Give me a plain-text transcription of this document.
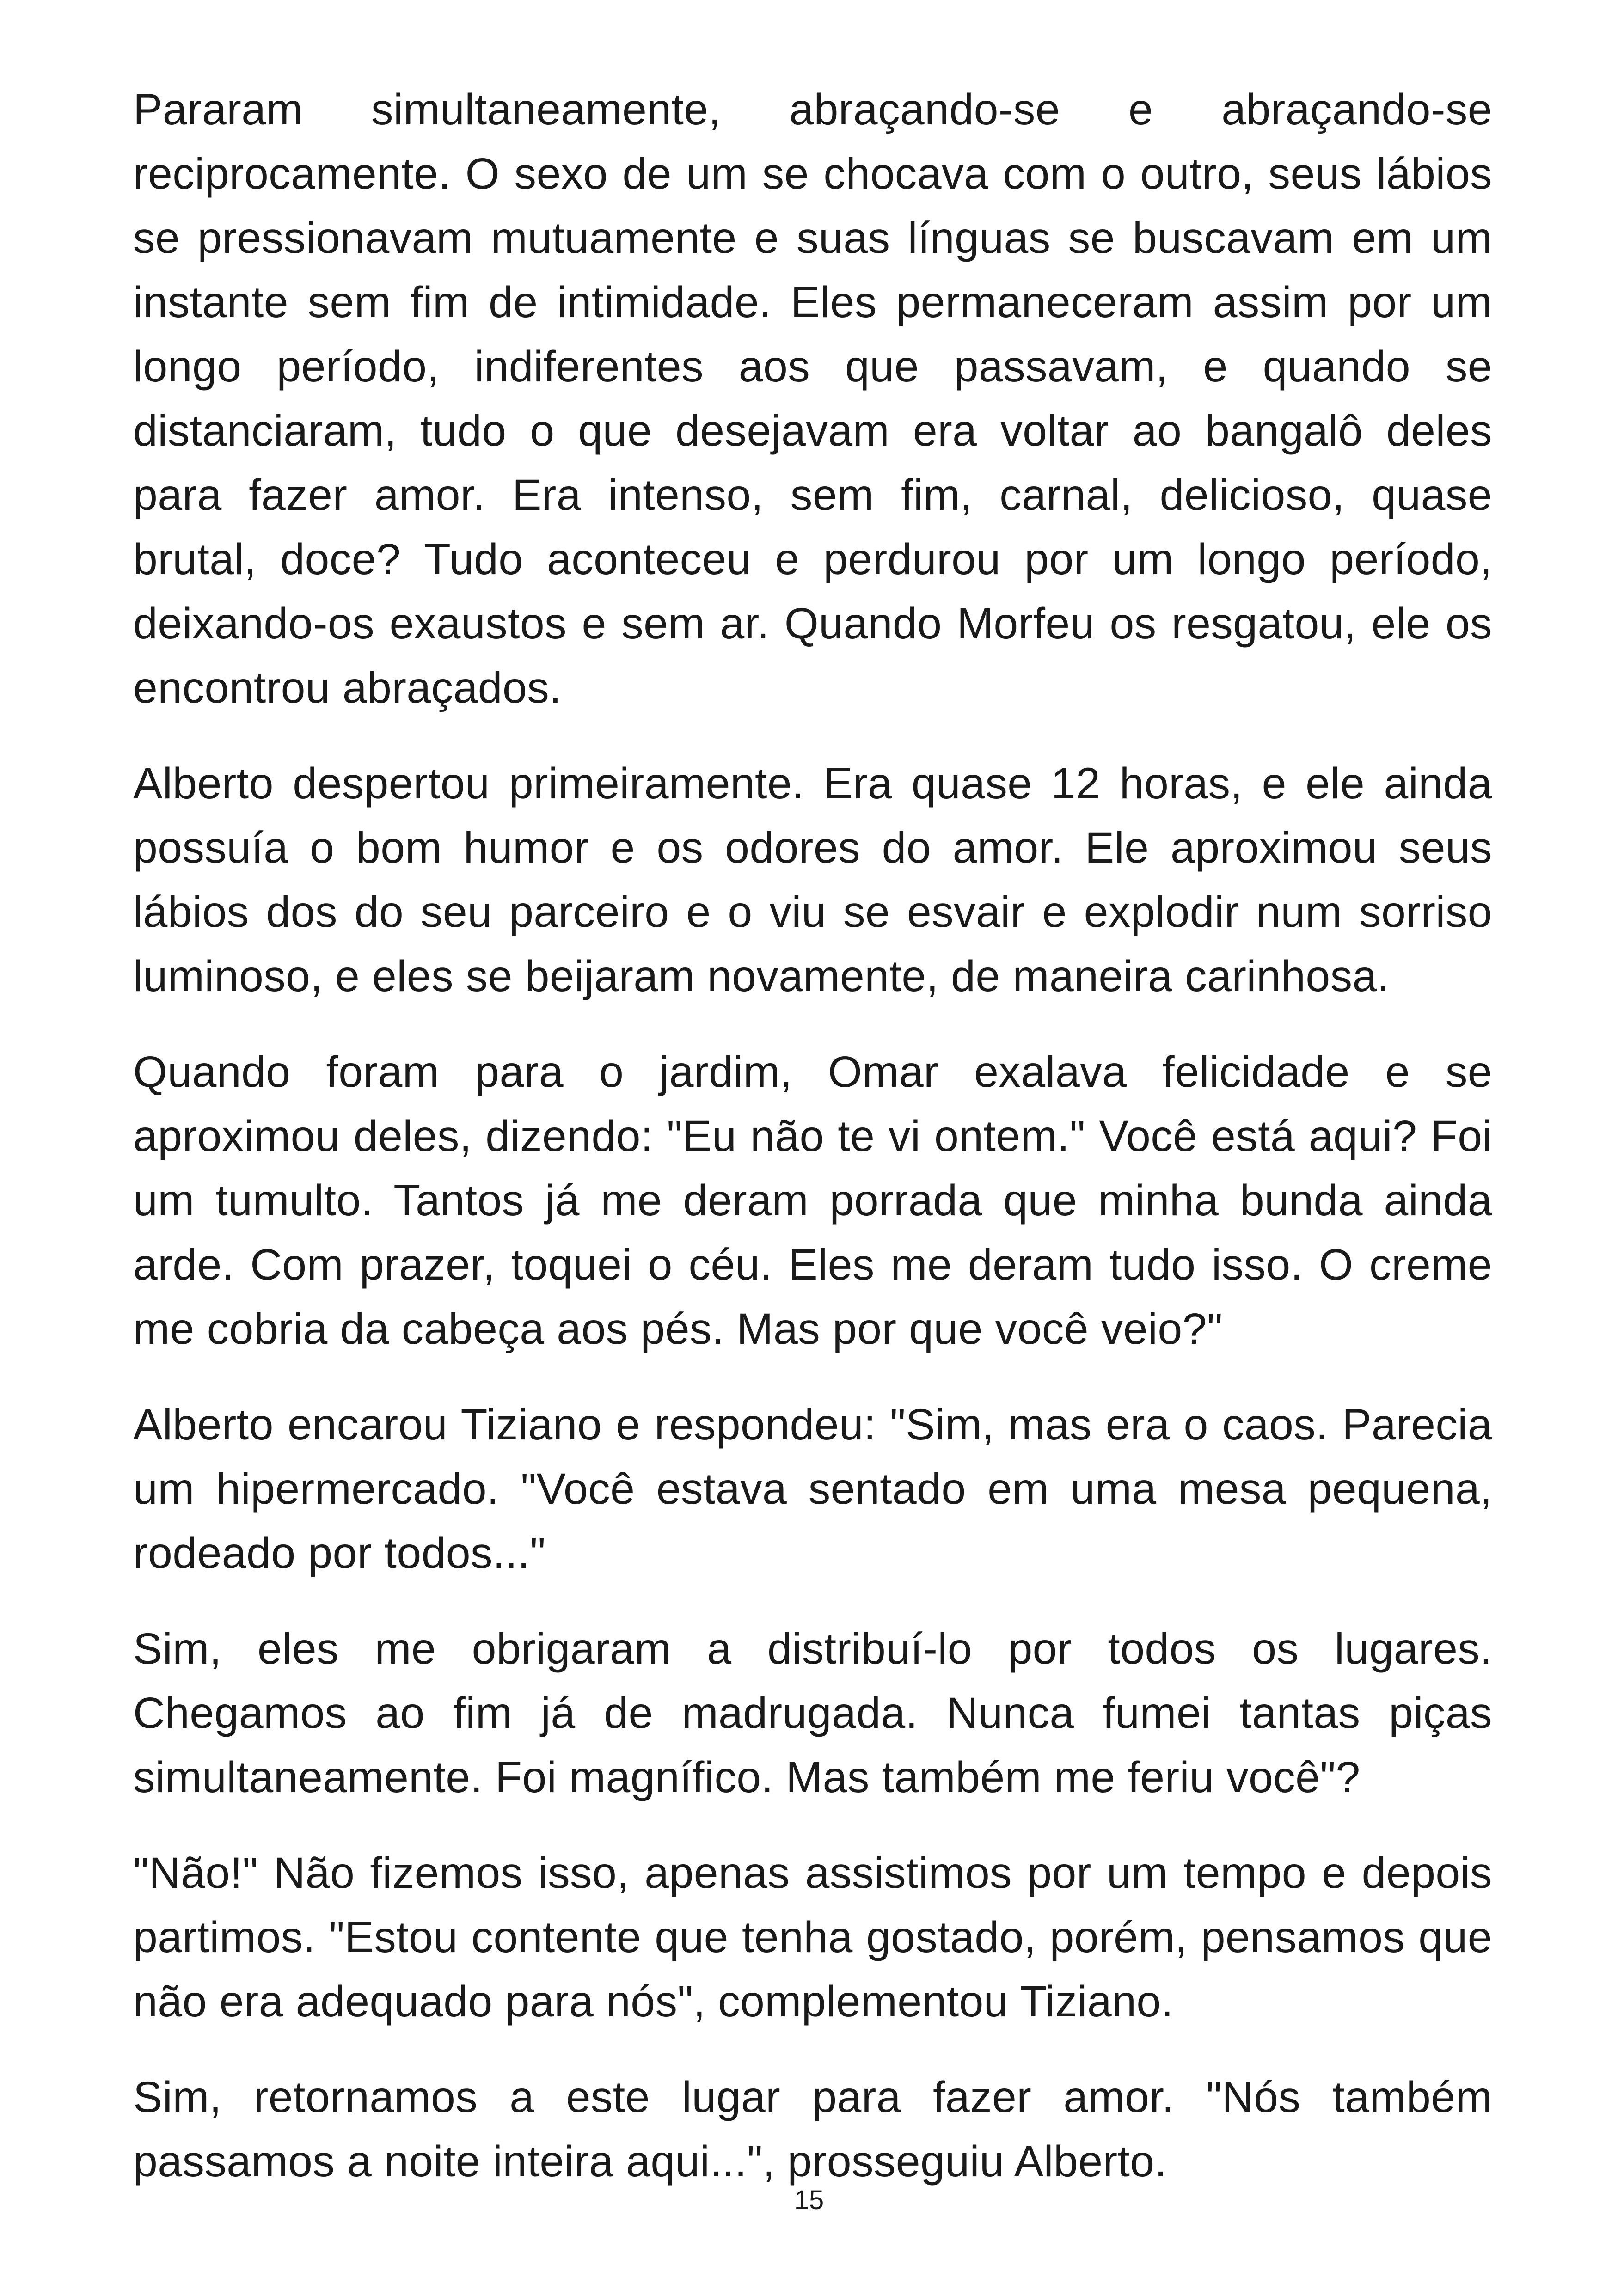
Pararam simultaneamente, abraçando-se e abraçando-se reciprocamente. O sexo de um se chocava com o outro, seus lábios se pressionavam mutuamente e suas línguas se buscavam em um instante sem fim de intimidade. Eles permaneceram assim por um longo período, indiferentes aos que passavam, e quando se distanciaram, tudo o que desejavam era voltar ao bangalô deles para fazer amor. Era intenso, sem fim, carnal, delicioso, quase brutal, doce? Tudo aconteceu e perdurou por um longo período, deixando-os exaustos e sem ar. Quando Morfeu os resgatou, ele os encontrou abraçados.

Alberto despertou primeiramente. Era quase 12 horas, e ele ainda possuía o bom humor e os odores do amor. Ele aproximou seus lábios dos do seu parceiro e o viu se esvair e explodir num sorriso luminoso, e eles se beijaram novamente, de maneira carinhosa.

Quando foram para o jardim, Omar exalava felicidade e se aproximou deles, dizendo: "Eu não te vi ontem." Você está aqui? Foi um tumulto. Tantos já me deram porrada que minha bunda ainda arde. Com prazer, toquei o céu. Eles me deram tudo isso. O creme me cobria da cabeça aos pés. Mas por que você veio?"

Alberto encarou Tiziano e respondeu: "Sim, mas era o caos. Parecia um hipermercado. "Você estava sentado em uma mesa pequena, rodeado por todos..."

Sim, eles me obrigaram a distribuí-lo por todos os lugares. Chegamos ao fim já de madrugada. Nunca fumei tantas piças simultaneamente. Foi magnífico. Mas também me feriu você"?

"Não!" Não fizemos isso, apenas assistimos por um tempo e depois partimos. "Estou contente que tenha gostado, porém, pensamos que não era adequado para nós", complementou Tiziano.

Sim, retornamos a este lugar para fazer amor. "Nós também passamos a noite inteira aqui...", prosseguiu Alberto.

15
